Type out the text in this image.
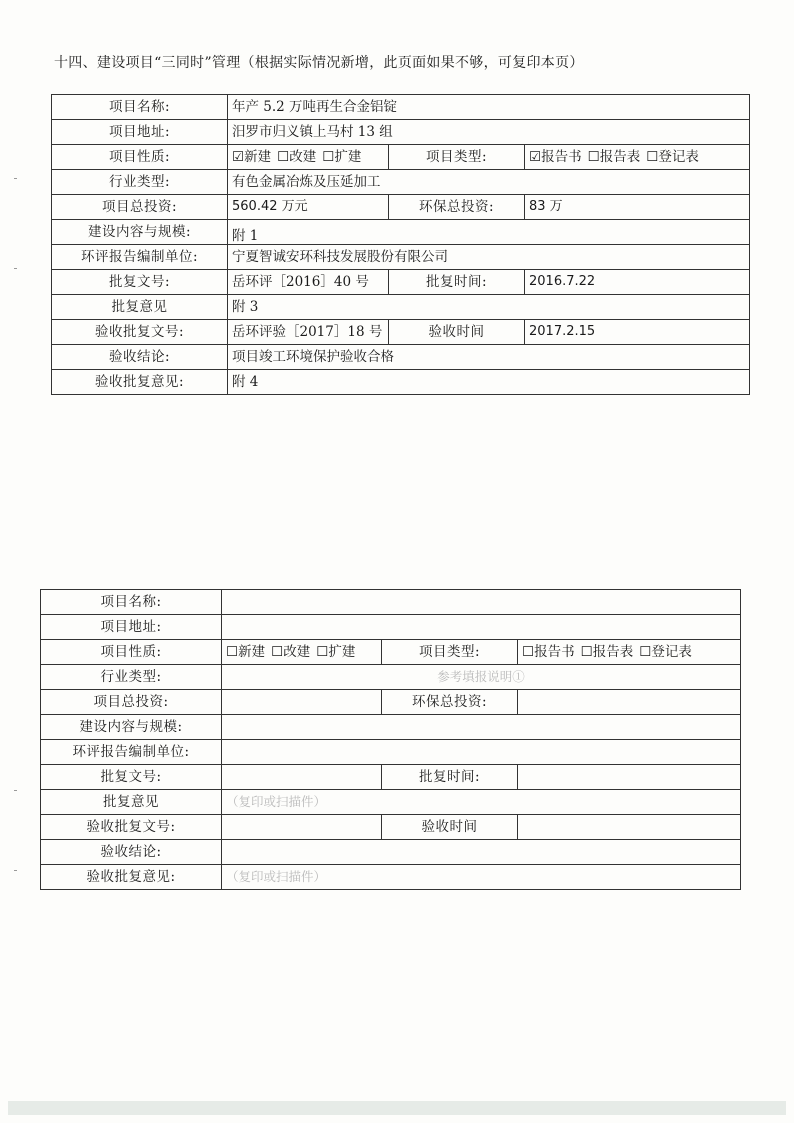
十四、建设项目“三同时”管理（根据实际情况新增，此页面如果不够，可复印本页）
项目名称:	年产 5.2 万吨再生合金铝锭		
项目地址:	汨罗市归义镇上马村 13 组		
项目性质:	☑新建 ☐改建 ☐扩建	项目类型:	☑报告书 ☐报告表 ☐登记表
行业类型:	有色金属冶炼及压延加工		
项目总投资:	560.42 万元	环保总投资:	83 万
建设内容与规模:	附 1		
环评报告编制单位:	宁夏智诚安环科技发展股份有限公司		
批复文号:	岳环评［2016］40 号	批复时间:	2016.7.22
批复意见	附 3		
验收批复文号:	岳环评验［2017］18 号	验收时间	2017.2.15
验收结论:	项目竣工环境保护验收合格		
验收批复意见:	附 4		
项目名称:			
项目地址:			
项目性质:	☐新建 ☐改建 ☐扩建	项目类型:	☐报告书 ☐报告表 ☐登记表
行业类型:	参考填报说明①		
项目总投资:		环保总投资:	
建设内容与规模:			
环评报告编制单位:			
批复文号:		批复时间:	
批复意见	（复印或扫描件）		
验收批复文号:		验收时间	
验收结论:			
验收批复意见:	（复印或扫描件）		
